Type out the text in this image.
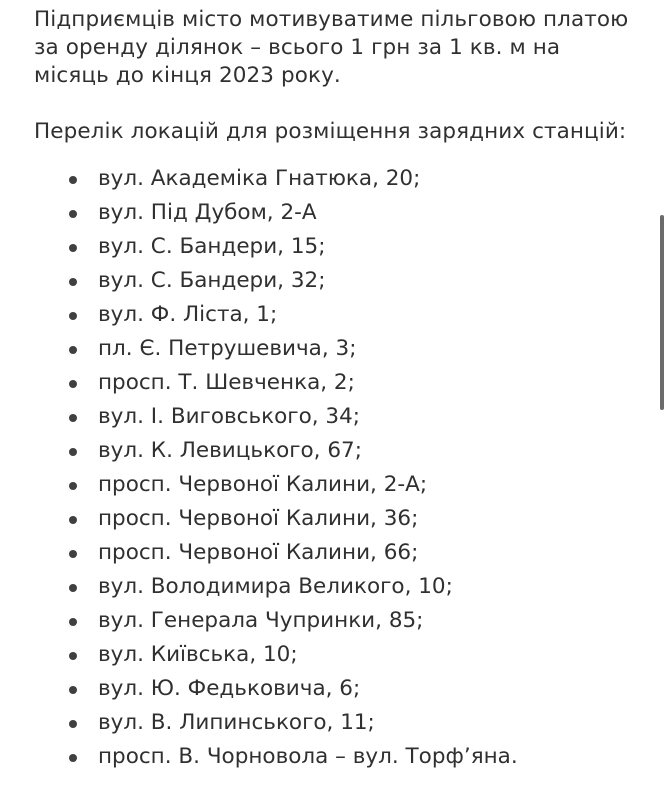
Підприємців місто мотивуватиме пільговою платою за оренду ділянок – всього 1 грн за 1 кв. м на місяць до кінця 2023 року.

Перелік локацій для розміщення зарядних станцій:

вул. Академіка Гнатюка, 20;
вул. Під Дубом, 2-А
вул. С. Бандери, 15;
вул. С. Бандери, 32;
вул. Ф. Ліста, 1;
пл. Є. Петрушевича, 3;
просп. Т. Шевченка, 2;
вул. І. Виговського, 34;
вул. К. Левицького, 67;
просп. Червоної Калини, 2-А;
просп. Червоної Калини, 36;
просп. Червоної Калини, 66;
вул. Володимира Великого, 10;
вул. Генерала Чупринки, 85;
вул. Київська, 10;
вул. Ю. Федьковича, 6;
вул. В. Липинського, 11;
просп. В. Чорновола – вул. Торф’яна.
